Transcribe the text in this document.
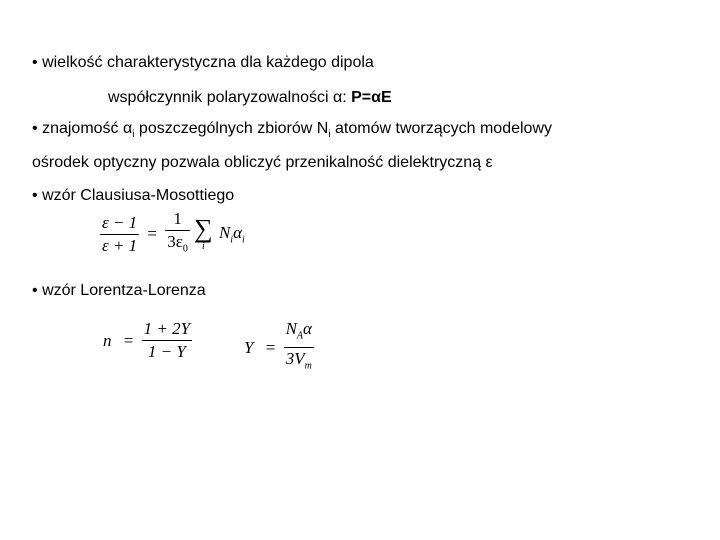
• wielkość charakterystyczna dla każdego dipola
współczynnik polaryzowalności α: P=αE
• znajomość $\alpha_i$ poszczególnych zbiorów $N_i$ atomów tworzących modelowy
ośrodek optyczny pozwala obliczyć przenikalność dielektryczną ε
• wzór Clausiusa-Mosottiego
$\frac{\varepsilon - 1}{\varepsilon + 1} = \frac{1}{3\varepsilon_0}$
∑
i
$N_i\alpha_i$
• wzór Lorentza-Lorenza
$n = \frac{1 + 2Y}{1 - Y}$	$Y = \frac{N_A\alpha}{3V_m}$
